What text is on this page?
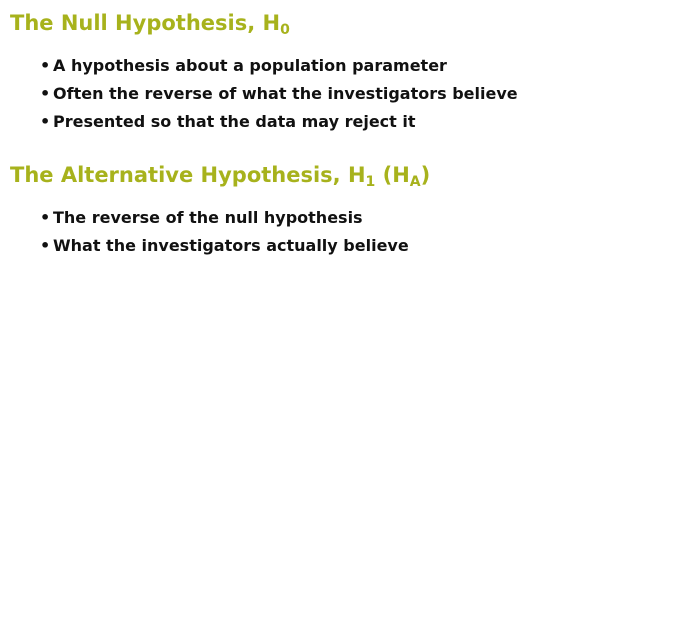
The Null Hypothesis, H0
• A hypothesis about a population parameter
• Often the reverse of what the investigators believe
• Presented so that the data may reject it
The Alternative Hypothesis, H1 (HA)
• The reverse of the null hypothesis
• What the investigators actually believe
